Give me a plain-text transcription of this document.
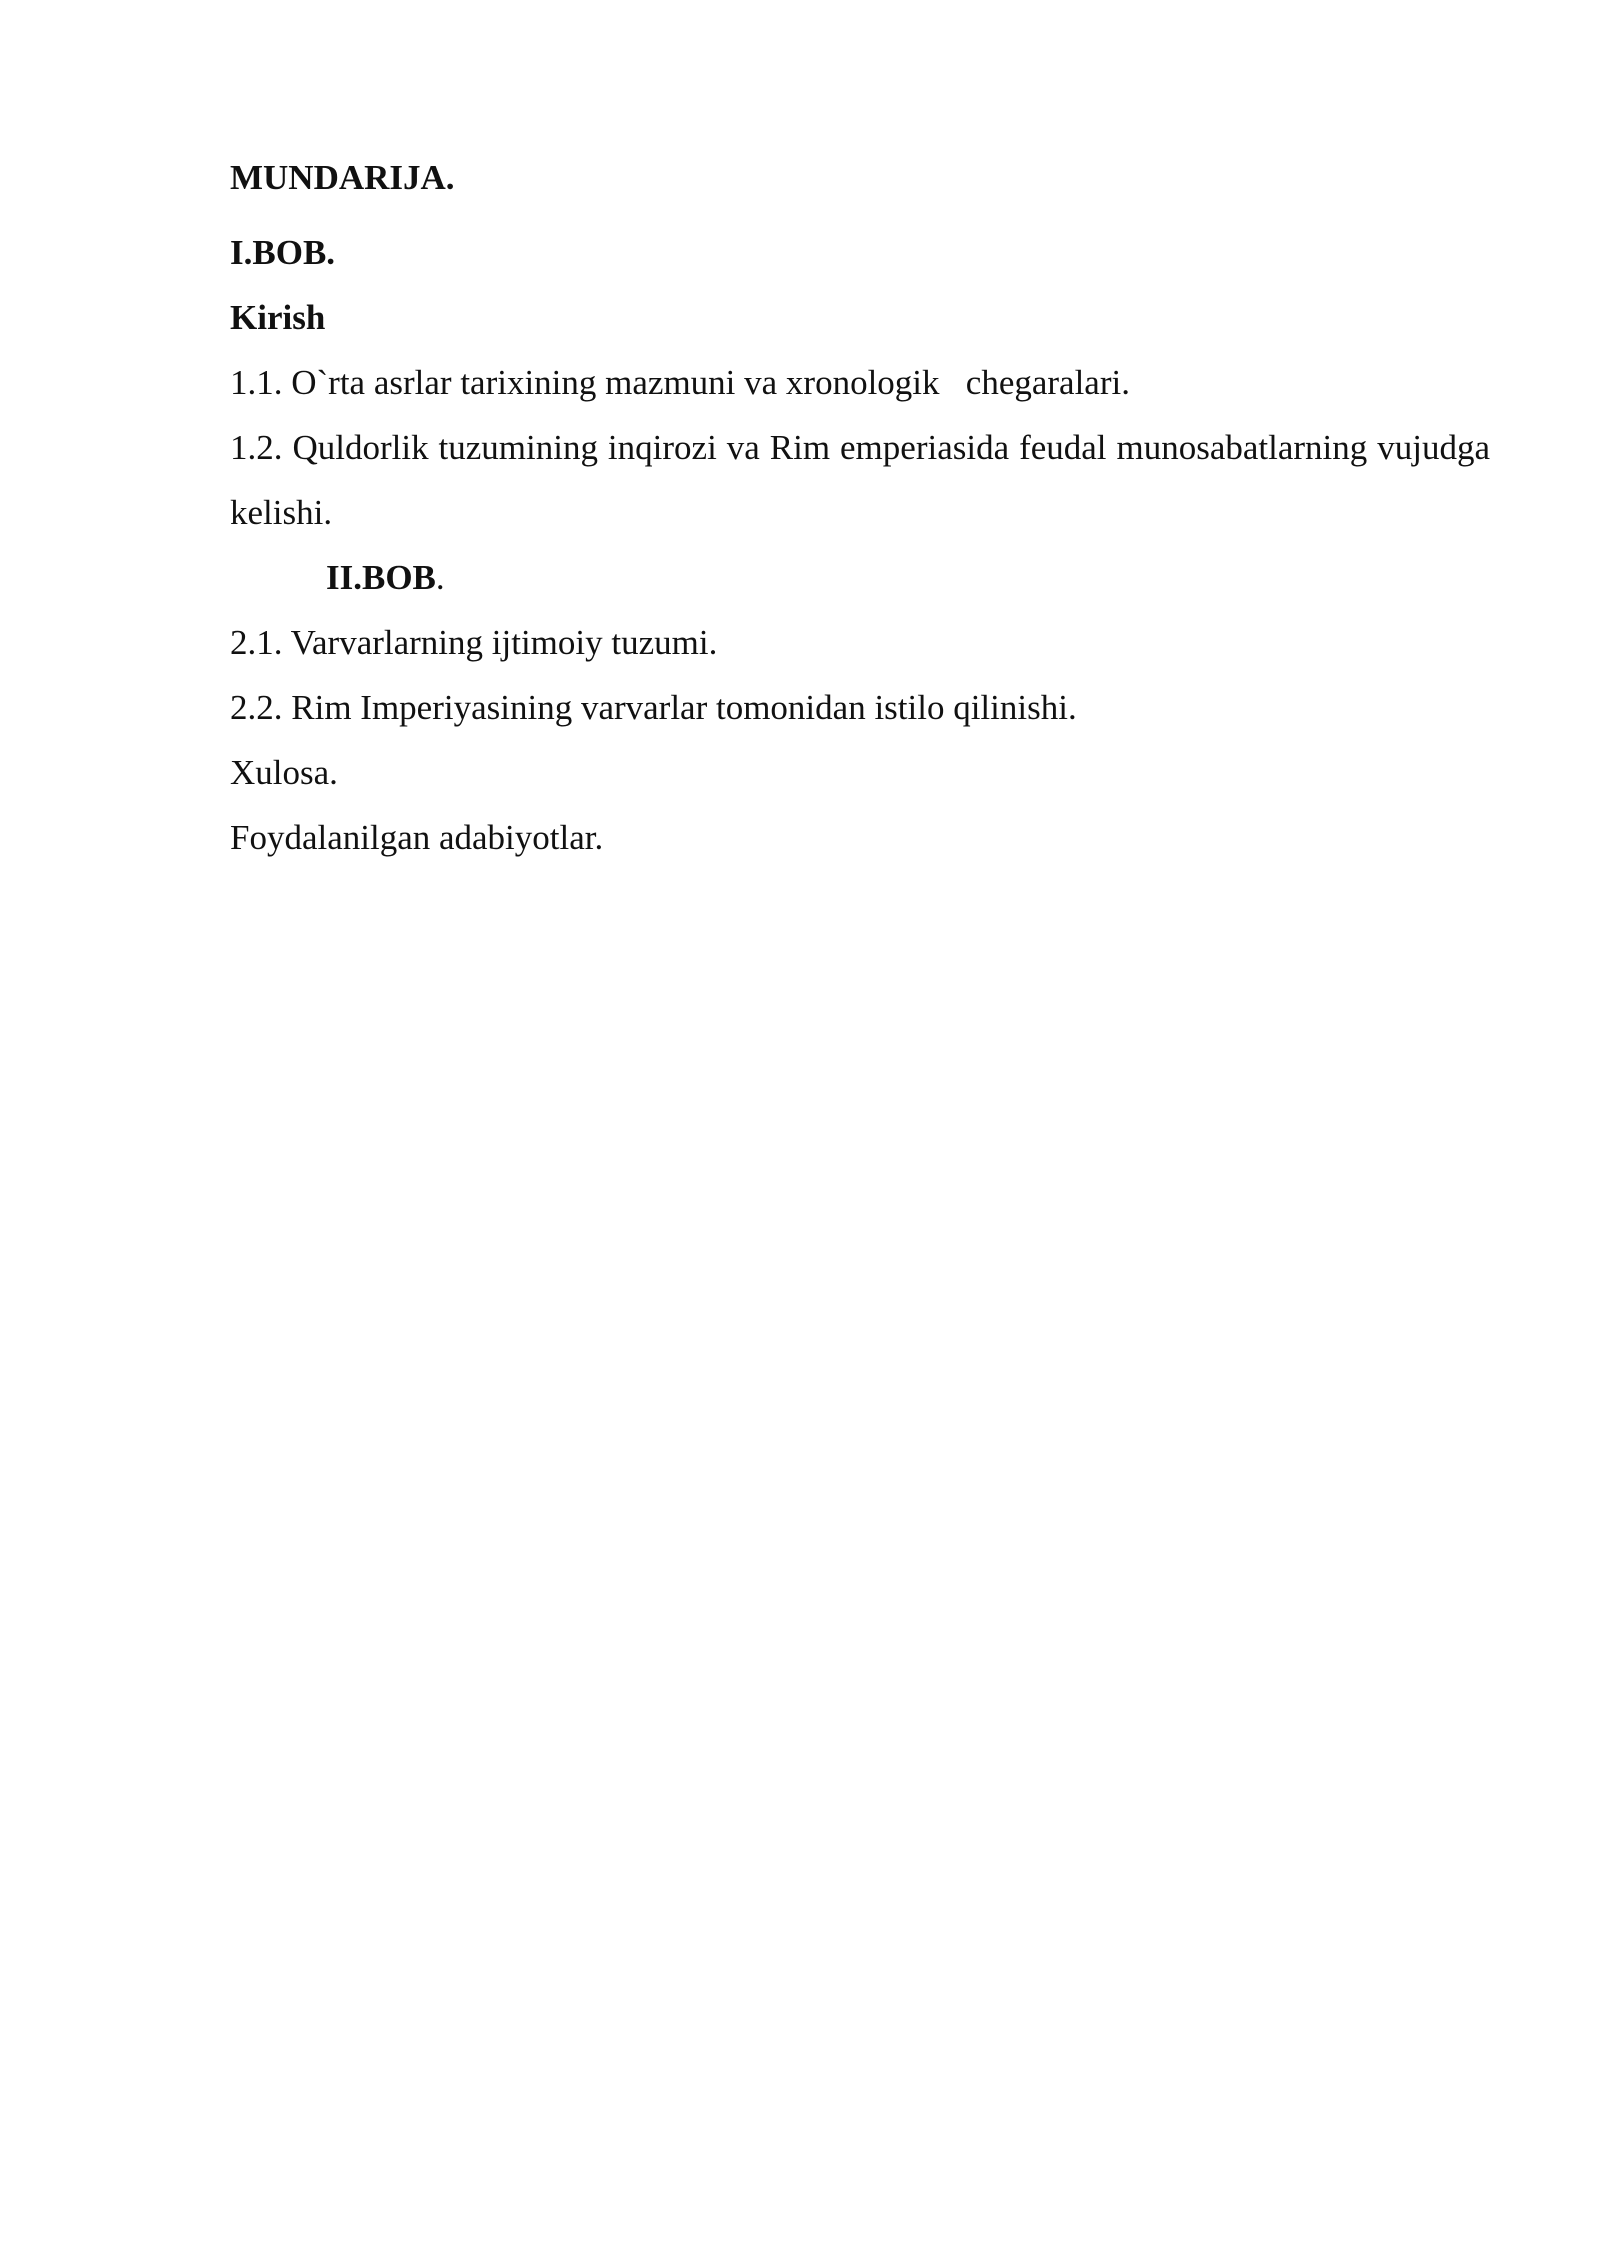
MUNDARIJA.
I.BOB.
Kirish
1.1. O`rta asrlar tarixining mazmuni va xronologik   chegaralari.
1.2. Quldorlik tuzumining inqirozi va Rim emperiasida feudal munosabatlarning vujudga kelishi.
II.BOB.
2.1. Varvarlarning ijtimoiy tuzumi.
2.2. Rim Imperiyasining varvarlar tomonidan istilo qilinishi.
Xulosa.
Foydalanilgan adabiyotlar.
